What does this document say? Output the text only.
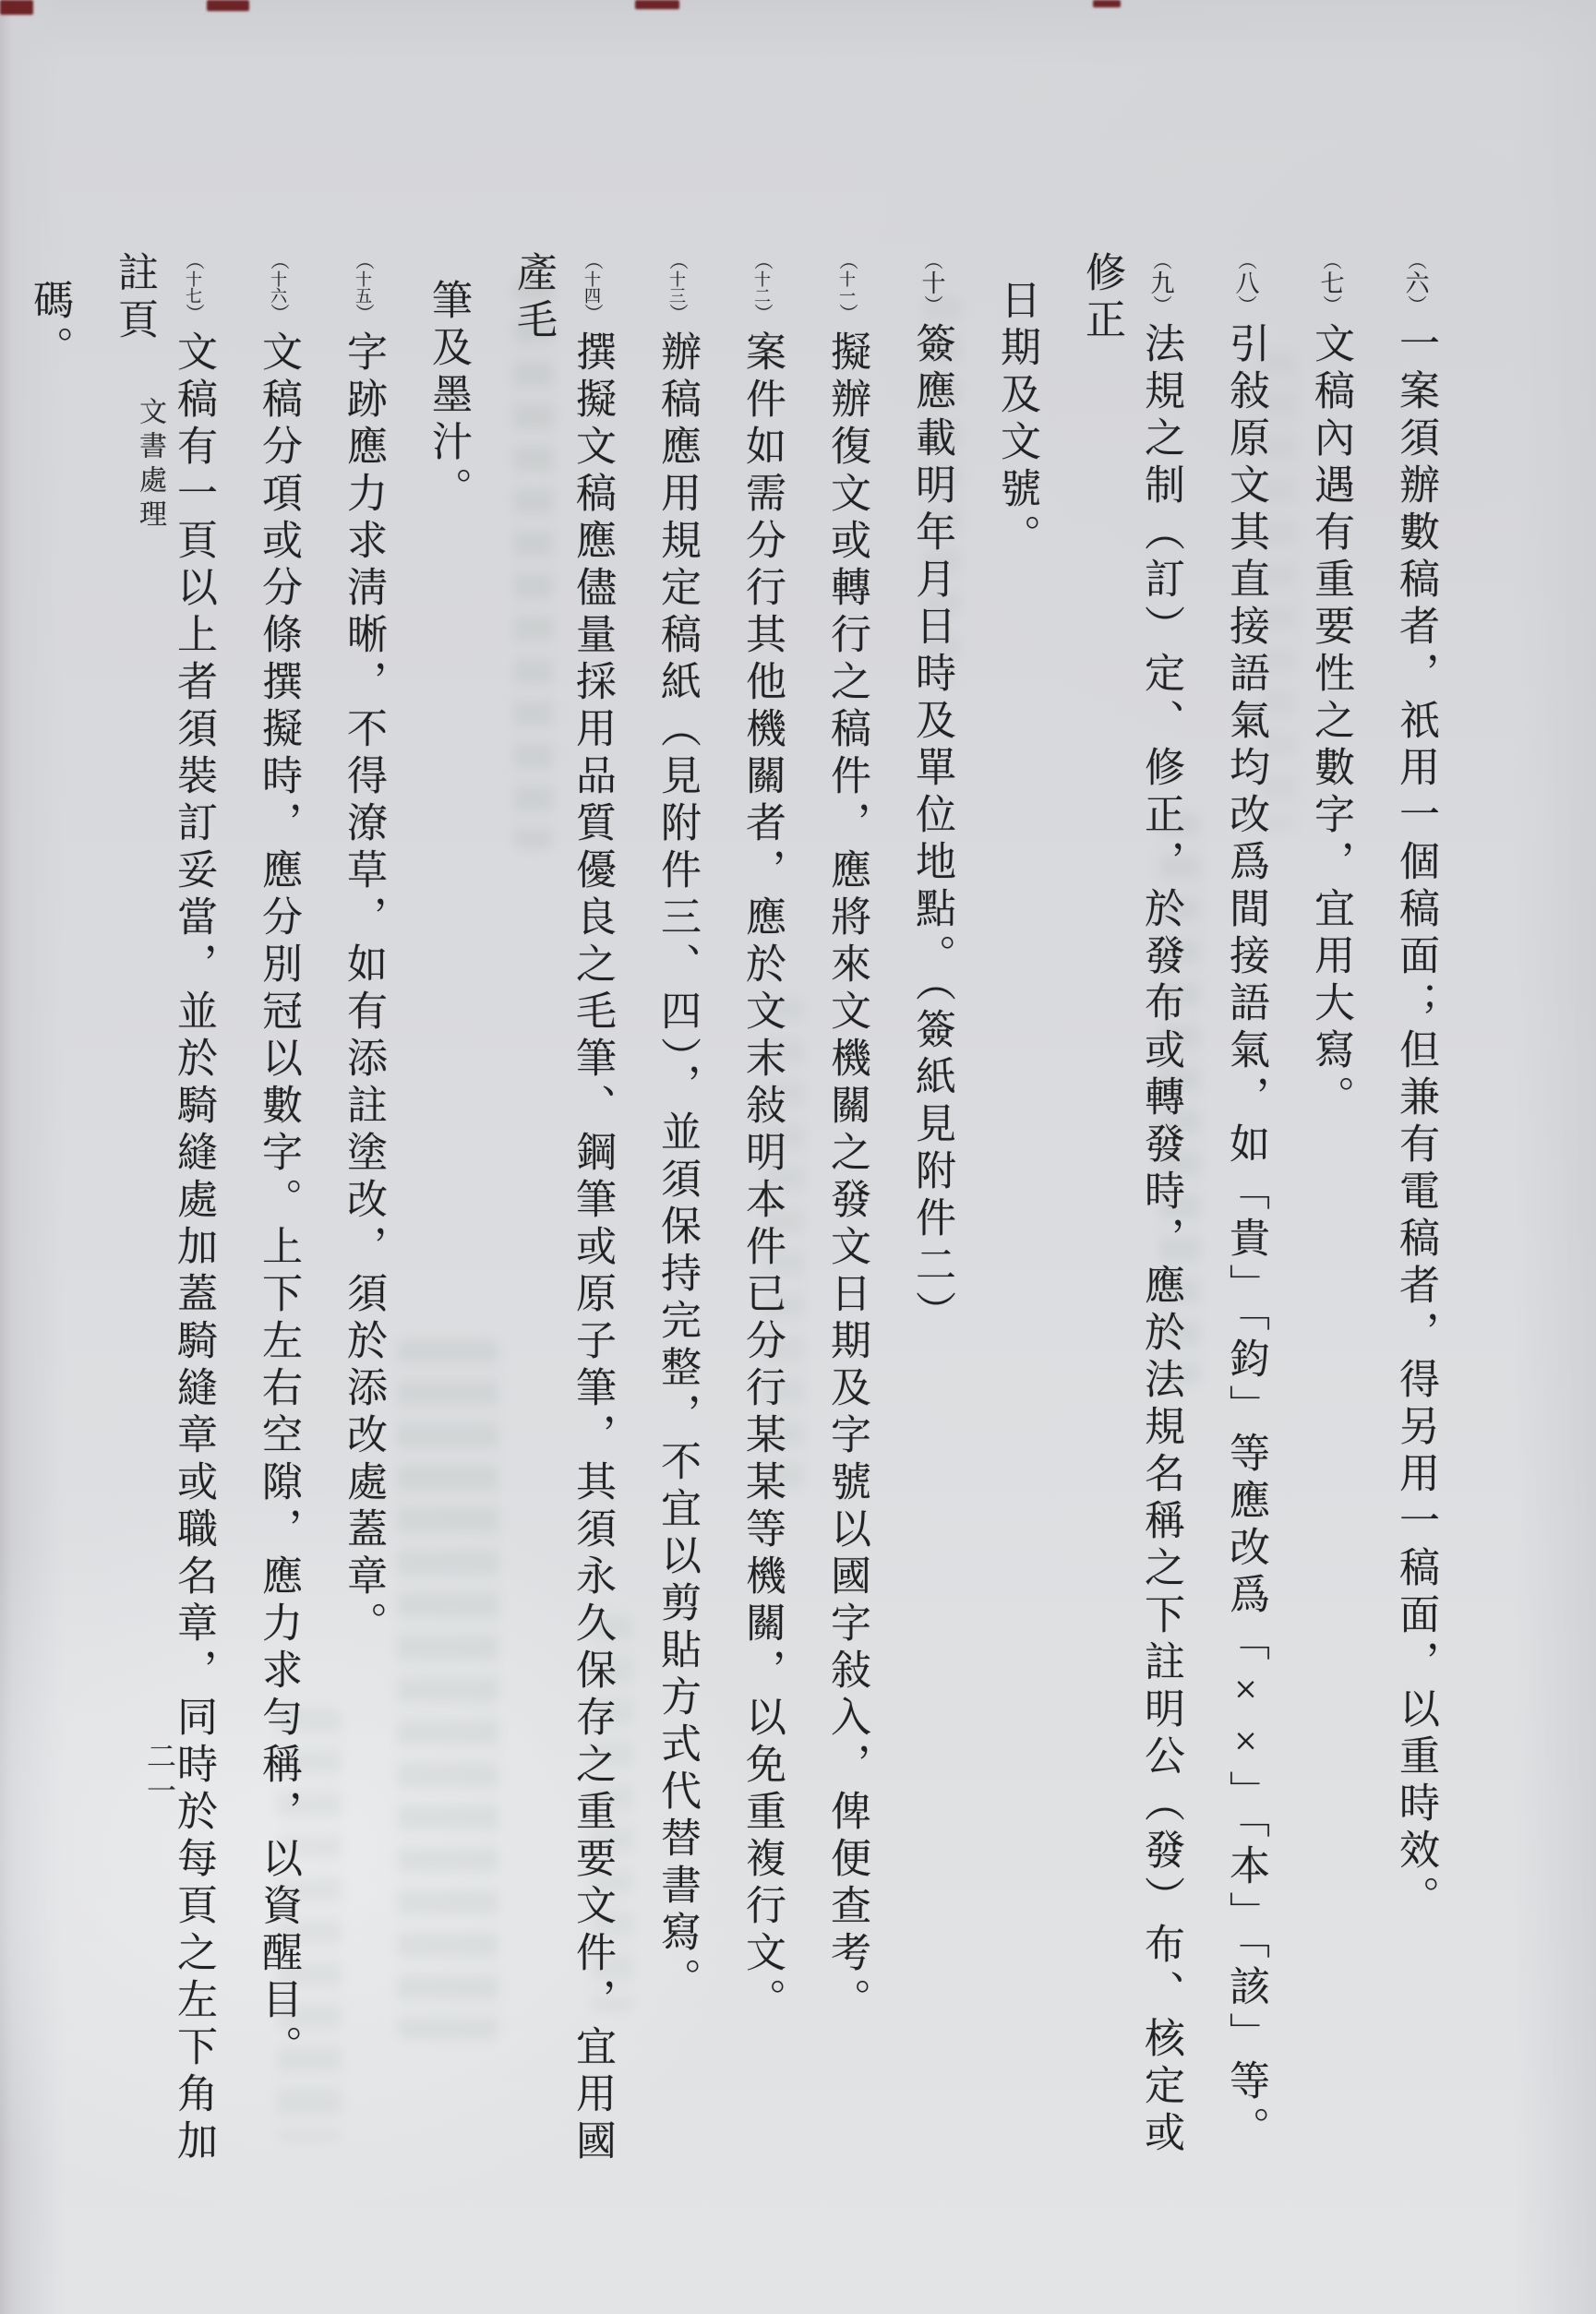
文書處理
二一
（六）一案須辦數稿者，祇用一個稿面；但兼有電稿者，得另用一稿面，以重時效。
（七）文稿內遇有重要性之數字，宜用大寫。
（八）引敍原文其直接語氣均改爲間接語氣，如「貴」「鈞」等應改爲「××」「本」「該」等。
（九）法規之制（訂）定、修正，於發布或轉發時，應於法規名稱之下註明公（發）布、核定或修正
日期及文號。
（十）簽應載明年月日時及單位地點。（簽紙見附件二）
（十一）擬辦復文或轉行之稿件，應將來文機關之發文日期及字號以國字敍入，俾便查考。
（十二）案件如需分行其他機關者，應於文末敍明本件已分行某某等機關，以免重複行文。
（十三）辦稿應用規定稿紙（見附件三、四），並須保持完整，不宜以剪貼方式代替書寫。
（十四）撰擬文稿應儘量採用品質優良之毛筆、鋼筆或原子筆，其須永久保存之重要文件，宜用國產毛
筆及墨汁。
（十五）字跡應力求淸晰，不得潦草，如有添註塗改，須於添改處蓋章。
（十六）文稿分項或分條撰擬時，應分別冠以數字。上下左右空隙，應力求勻稱，以資醒目。
（十七）文稿有一頁以上者須裝訂妥當，並於騎縫處加蓋騎縫章或職名章，同時於每頁之左下角加註頁
碼。
